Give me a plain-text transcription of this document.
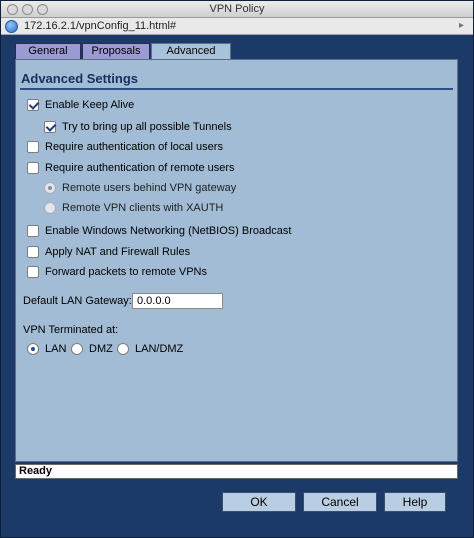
VPN Policy
172.16.2.1/vpnConfig_11.html#	▸
General	Proposals	Advanced
Advanced Settings
Enable Keep Alive
Try to bring up all possible Tunnels
Require authentication of local users
Require authentication of remote users
Remote users behind VPN gateway
Remote VPN clients with XAUTH
Enable Windows Networking (NetBIOS) Broadcast
Apply NAT and Firewall Rules
Forward packets to remote VPNs
Default LAN Gateway:
0.0.0.0
VPN Terminated at:
LAN	DMZ	LAN/DMZ
Ready
OK	Cancel	Help
